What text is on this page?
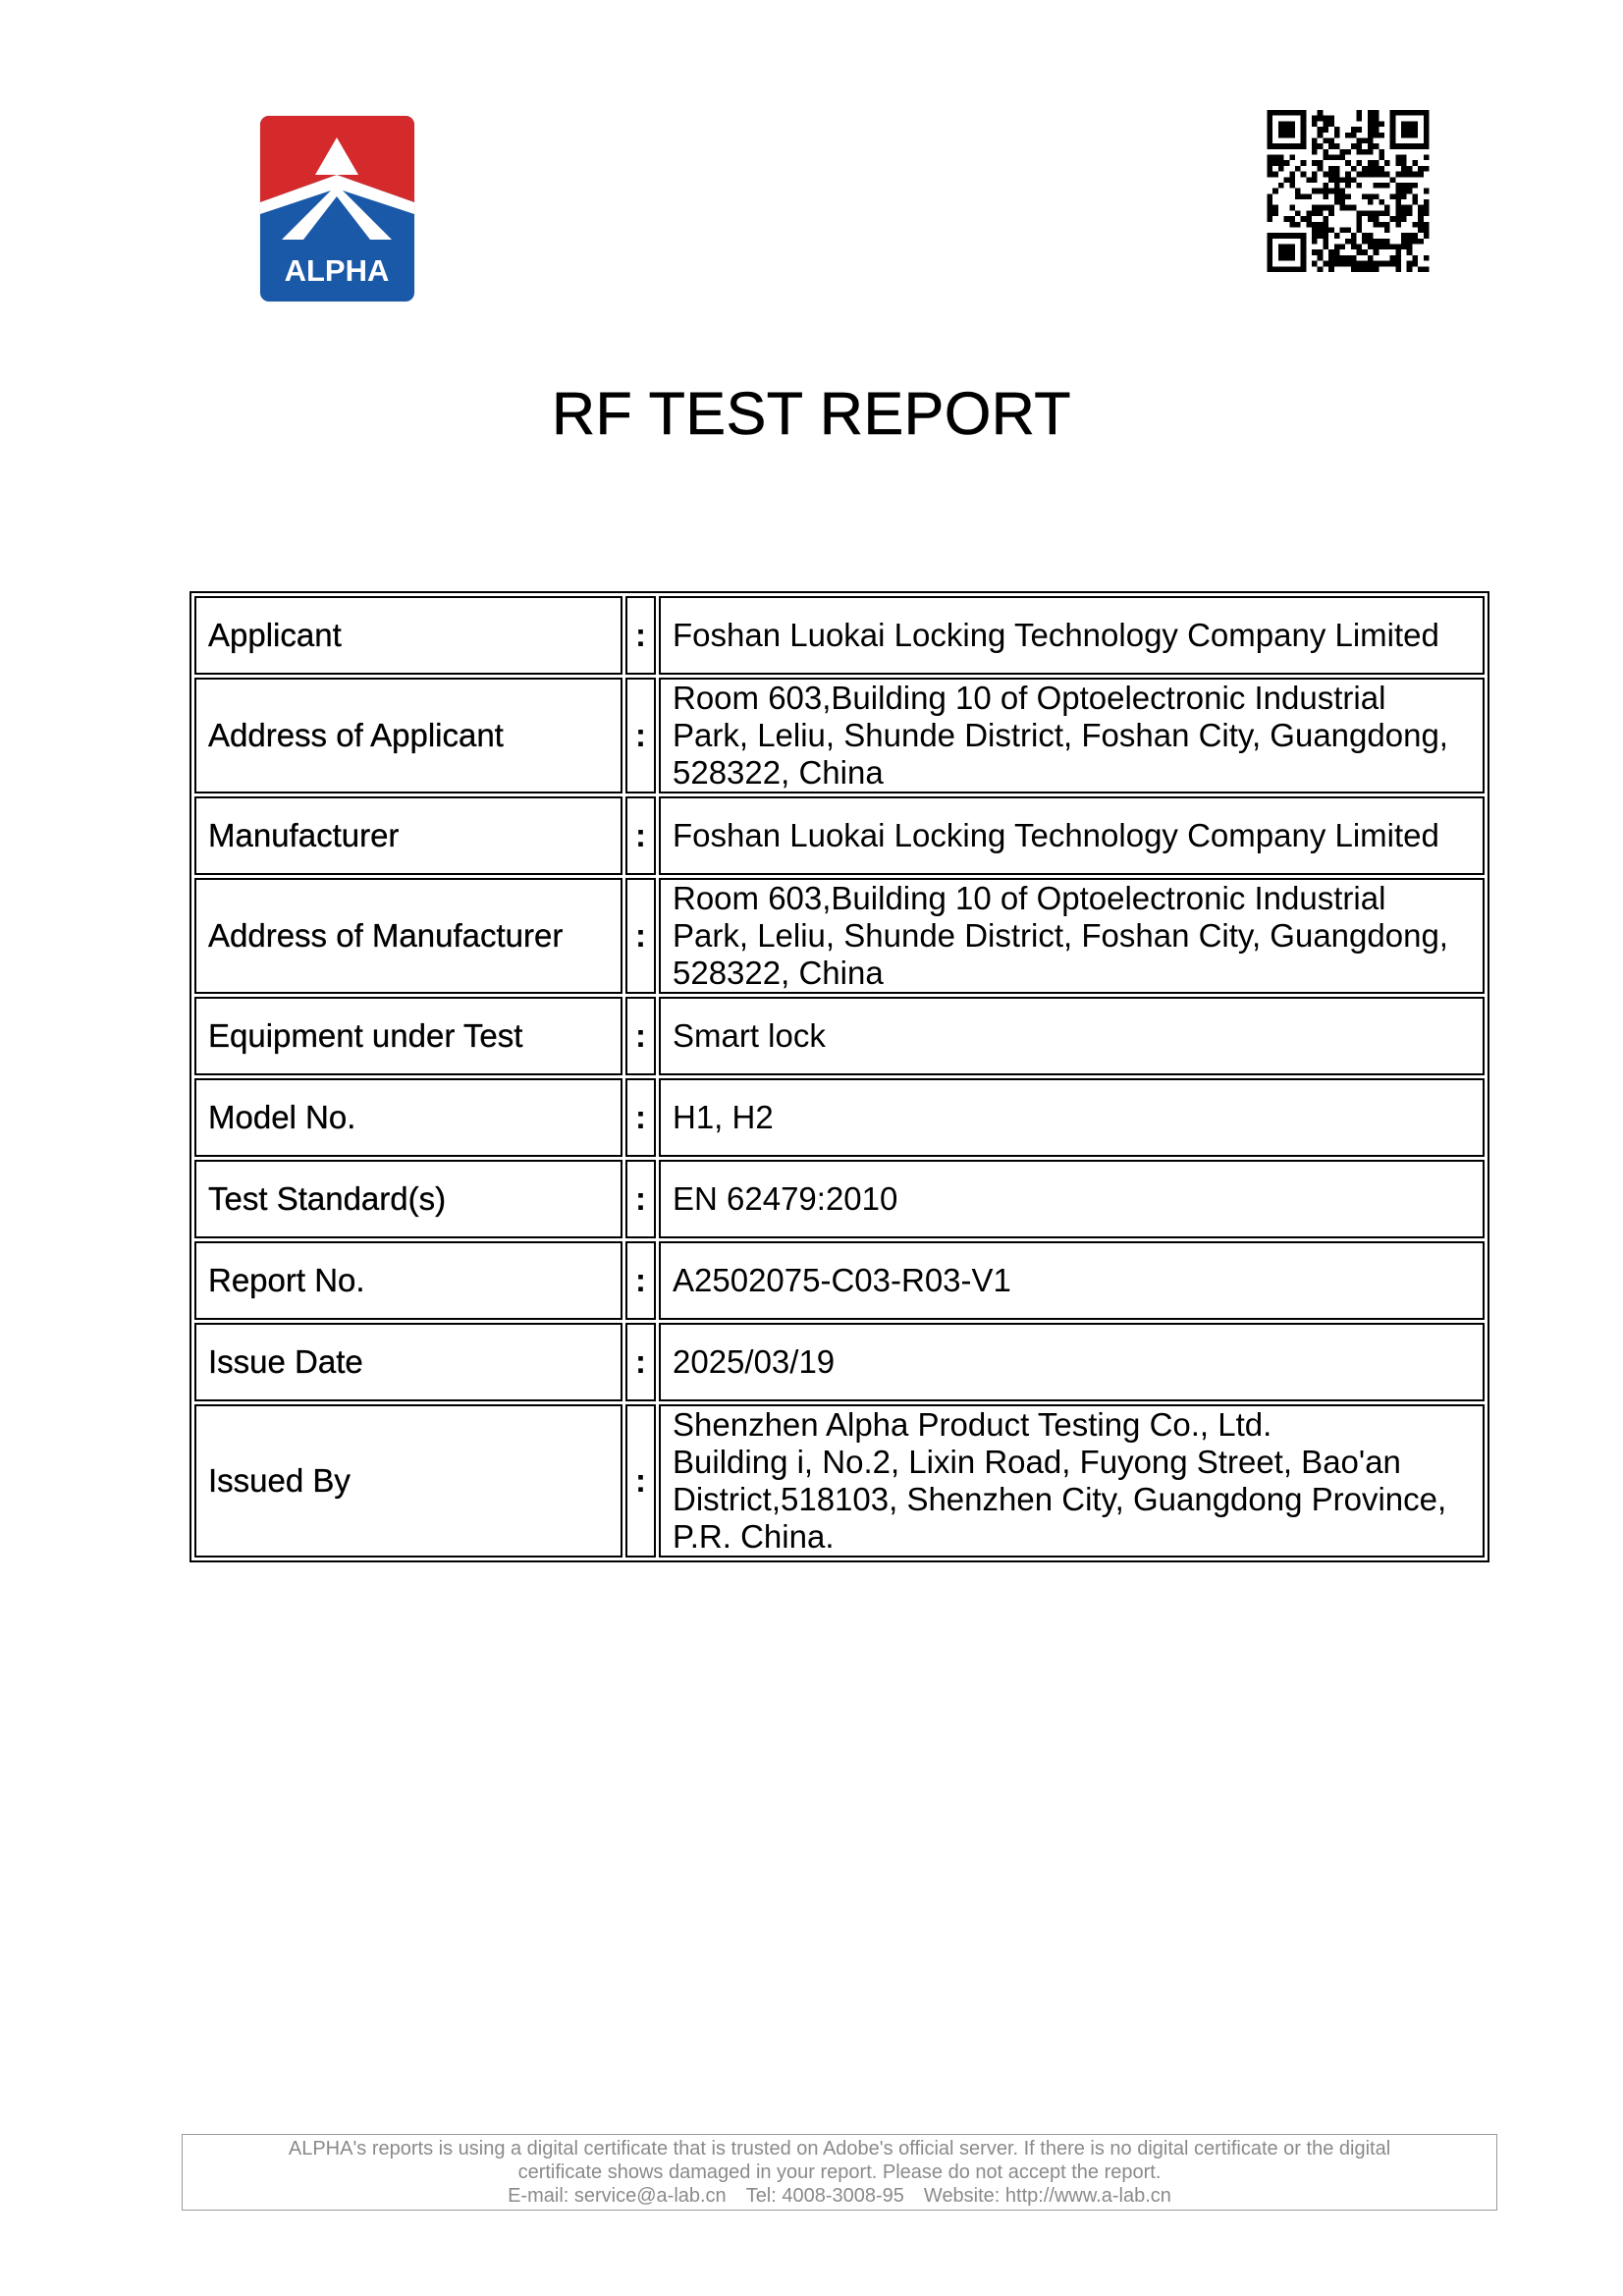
ALPHA
RF TEST REPORT
Applicant	:	Foshan Luokai Locking Technology Company Limited
Address of Applicant	:	Room 603,Building 10 of Optoelectronic Industrial
Park, Leliu, Shunde District, Foshan City, Guangdong,
528322, China
Manufacturer	:	Foshan Luokai Locking Technology Company Limited
Address of Manufacturer	:	Room 603,Building 10 of Optoelectronic Industrial
Park, Leliu, Shunde District, Foshan City, Guangdong,
528322, China
Equipment under Test	:	Smart lock
Model No.	:	H1, H2
Test Standard(s)	:	EN 62479:2010
Report No.	:	A2502075-C03-R03-V1
Issue Date	:	2025/03/19
Issued By	:	Shenzhen Alpha Product Testing Co., Ltd.
Building i, No.2, Lixin Road, Fuyong Street, Bao'an
District,518103, Shenzhen City, Guangdong Province,
P.R. China.
ALPHA's reports is using a digital certificate that is trusted on Adobe's official server. If there is no digital certificate or the digital
certificate shows damaged in your report. Please do not accept the report.
E-mail: service@a-lab.cn Tel: 4008-3008-95 Website: http://www.a-lab.cn
